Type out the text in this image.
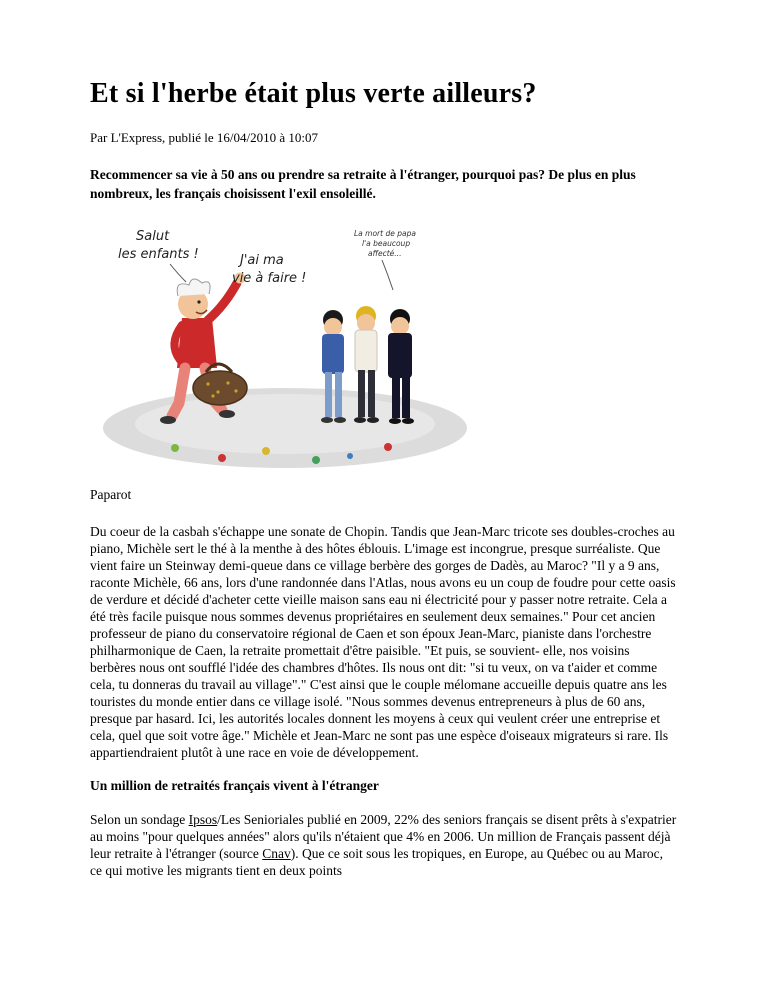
Et si l'herbe était plus verte ailleurs?

Par L'Express, publié le 16/04/2010 à 10:07

Recommencer sa vie à 50 ans ou prendre sa retraite à l'étranger, pourquoi pas? De plus en plus nombreux, les français choisissent l'exil ensoleillé.

Salut
les enfants !	J'ai ma
vie à faire !
La mort de papa
l'a beaucoup
affecté...

Paparot

Du coeur de la casbah s'échappe une sonate de Chopin. Tandis que Jean-Marc tricote ses doubles-croches au piano, Michèle sert le thé à la menthe à des hôtes éblouis. L'image est incongrue, presque surréaliste. Que vient faire un Steinway demi-queue dans ce village berbère des gorges de Dadès, au Maroc? "Il y a 9 ans, raconte Michèle, 66 ans, lors d'une randonnée dans l'Atlas, nous avons eu un coup de foudre pour cette oasis de verdure et décidé d'acheter cette vieille maison sans eau ni électricité pour y passer notre retraite. Cela a été très facile puisque nous sommes devenus propriétaires en seulement deux semaines." Pour cet ancien professeur de piano du conservatoire régional de Caen et son époux Jean-Marc, pianiste dans l'orchestre philharmonique de Caen, la retraite promettait d'être paisible. "Et puis, se souvient- elle, nos voisins berbères nous ont soufflé l'idée des chambres d'hôtes. Ils nous ont dit: "si tu veux, on va t'aider et comme cela, tu donneras du travail au village"." C'est ainsi que le couple mélomane accueille depuis quatre ans les touristes du monde entier dans ce village isolé. "Nous sommes devenus entrepreneurs à plus de 60 ans, presque par hasard. Ici, les autorités locales donnent les moyens à ceux qui veulent créer une entreprise et cela, quel que soit votre âge." Michèle et Jean-Marc ne sont pas une espèce d'oiseaux migrateurs si rare. Ils appartiendraient plutôt à une race en voie de développement.

Un million de retraités français vivent à l'étranger

Selon un sondage Ipsos/Les Senioriales publié en 2009, 22% des seniors français se disent prêts à s'expatrier au moins "pour quelques années" alors qu'ils n'étaient que 4% en 2006. Un million de Français passent déjà leur retraite à l'étranger (source Cnav). Que ce soit sous les tropiques, en Europe, au Québec ou au Maroc, ce qui motive les migrants tient en deux points
